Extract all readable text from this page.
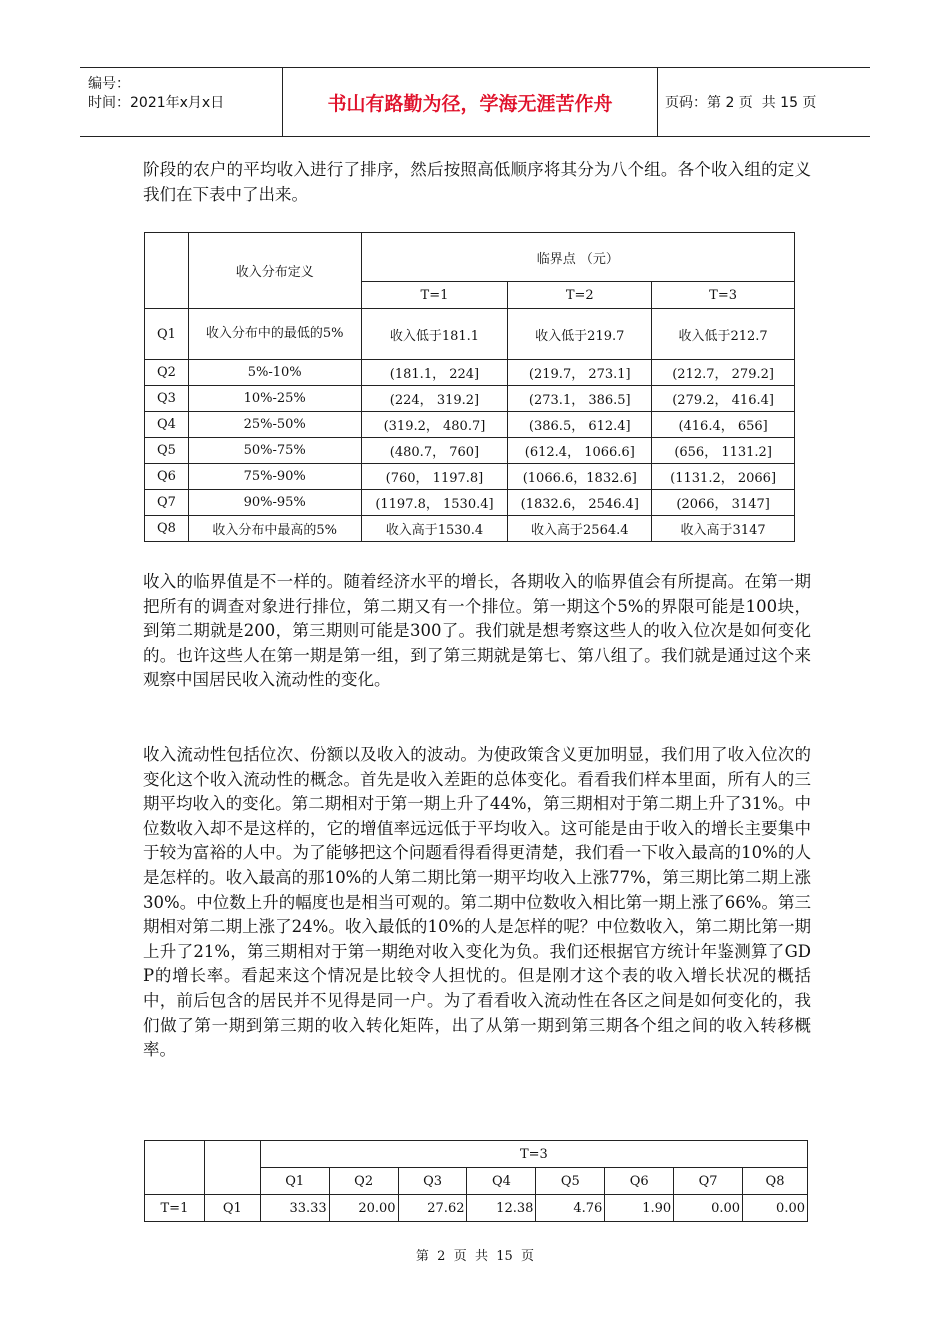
编号：
时间：2021年x月x日	书山有路勤为径，学海无涯苦作舟	页码：第 2 页  共 15 页
阶段的农户的平均收入进行了排序，然后按照高低顺序将其分为八个组。各个收入组的定义我们在下表中了出来。
	收入分布定义	临界点 （元）		
		T=1	T=2	T=3
Q1	收入分布中的最低的5%	收入低于181.1	收入低于219.7	收入低于212.7
Q2	5%-10%	(181.1， 224]	(219.7， 273.1]	(212.7， 279.2]
Q3	10%-25%	(224， 319.2]	(273.1， 386.5]	(279.2， 416.4]
Q4	25%-50%	(319.2， 480.7]	(386.5， 612.4]	(416.4， 656]
Q5	50%-75%	(480.7， 760]	(612.4， 1066.6]	(656， 1131.2]
Q6	75%-90%	(760， 1197.8]	(1066.6，1832.6]	(1131.2， 2066]
Q7	90%-95%	(1197.8， 1530.4]	(1832.6， 2546.4]	(2066， 3147]
Q8	收入分布中最高的5%	收入高于1530.4	收入高于2564.4	收入高于3147
收入的临界值是不一样的。随着经济水平的增长，各期收入的临界值会有所提高。在第一期把所有的调查对象进行排位，第二期又有一个排位。第一期这个5%的界限可能是100块，到第二期就是200，第三期则可能是300了。我们就是想考察这些人的收入位次是如何变化的。也许这些人在第一期是第一组，到了第三期就是第七、第八组了。我们就是通过这个来观察中国居民收入流动性的变化。
收入流动性包括位次、份额以及收入的波动。为使政策含义更加明显，我们用了收入位次的变化这个收入流动性的概念。首先是收入差距的总体变化。看看我们样本里面，所有人的三期平均收入的变化。第二期相对于第一期上升了44%，第三期相对于第二期上升了31%。中位数收入却不是这样的，它的增值率远远低于平均收入。这可能是由于收入的增长主要集中于较为富裕的人中。为了能够把这个问题看得看得更清楚，我们看一下收入最高的10%的人是怎样的。收入最高的那10%的人第二期比第一期平均收入上涨77%，第三期比第二期上涨30%。中位数上升的幅度也是相当可观的。第二期中位数收入相比第一期上涨了66%。第三期相对第二期上涨了24%。收入最低的10%的人是怎样的呢？中位数收入，第二期比第一期上升了21%，第三期相对于第一期绝对收入变化为负。我们还根据官方统计年鉴测算了GDP的增长率。看起来这个情况是比较令人担忧的。但是刚才这个表的收入增长状况的概括中，前后包含的居民并不见得是同一户。为了看看收入流动性在各区之间是如何变化的，我们做了第一期到第三期的收入转化矩阵，出了从第一期到第三期各个组之间的收入转移概率。
		T=3							
		Q1	Q2	Q3	Q4	Q5	Q6	Q7	Q8
T=1	Q1	33.33	20.00	27.62	12.38	4.76	1.90	0.00	0.00
第  2  页  共  15  页
